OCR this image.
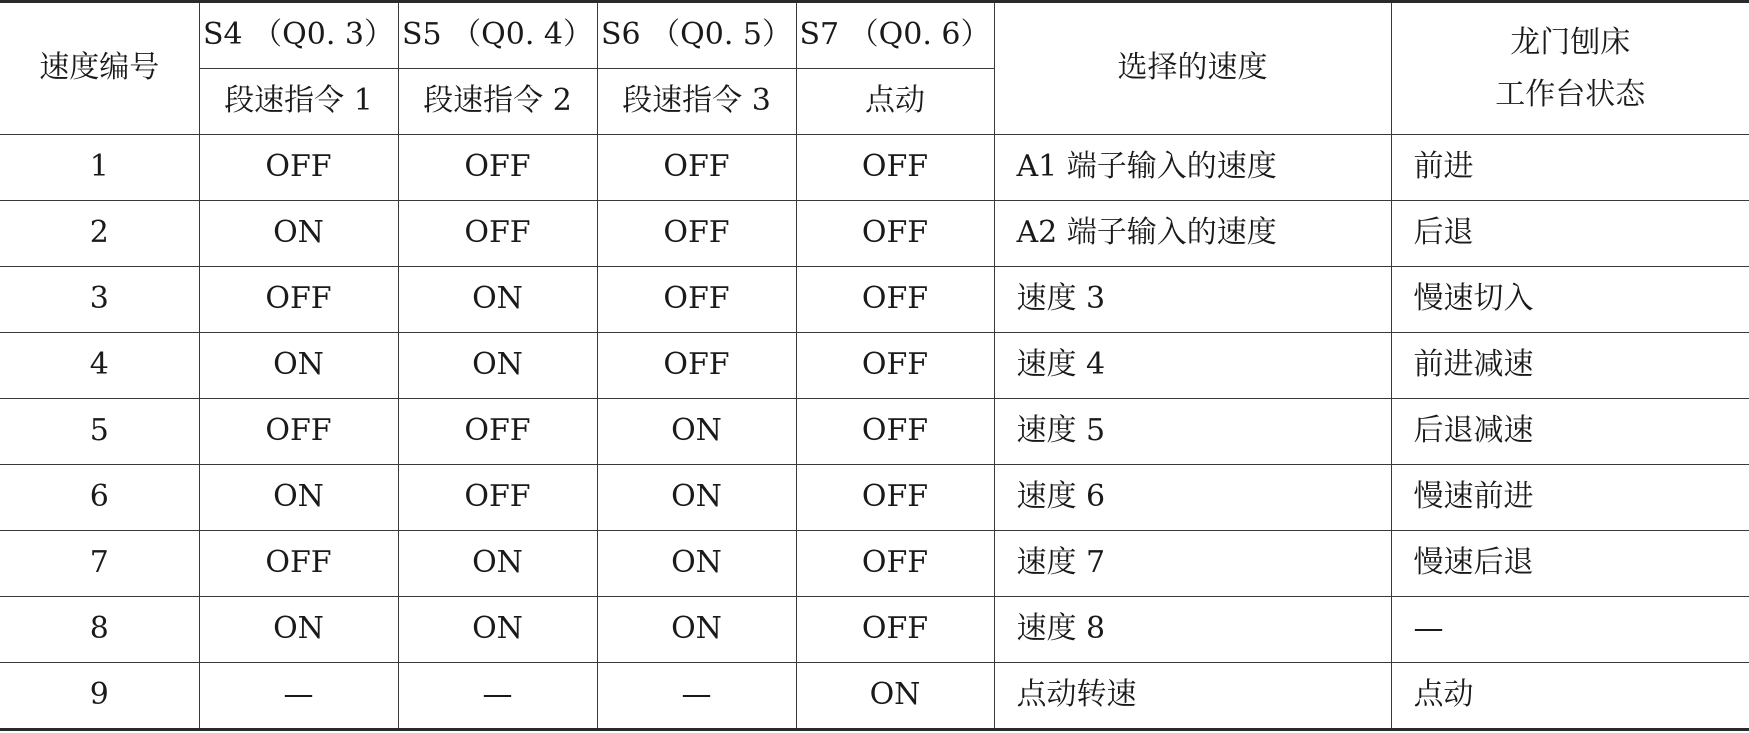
速度编号	S4 （Q0. 3）	S5 （Q0. 4）	S6 （Q0. 5）	S7 （Q0. 6）	选择的速度	龙门刨床
工作台状态

	段速指令 1	段速指令 2	段速指令 3	点动		
1	OFF	OFF	OFF	OFF	A1 端子输入的速度	前进
2	ON	OFF	OFF	OFF	A2 端子输入的速度	后退
3	OFF	ON	OFF	OFF	速度 3	慢速切入
4	ON	ON	OFF	OFF	速度 4	前进减速
5	OFF	OFF	ON	OFF	速度 5	后退减速
6	ON	OFF	ON	OFF	速度 6	慢速前进
7	OFF	ON	ON	OFF	速度 7	慢速后退
8	ON	ON	ON	OFF	速度 8	—
9	—	—	—	ON	点动转速	点动
